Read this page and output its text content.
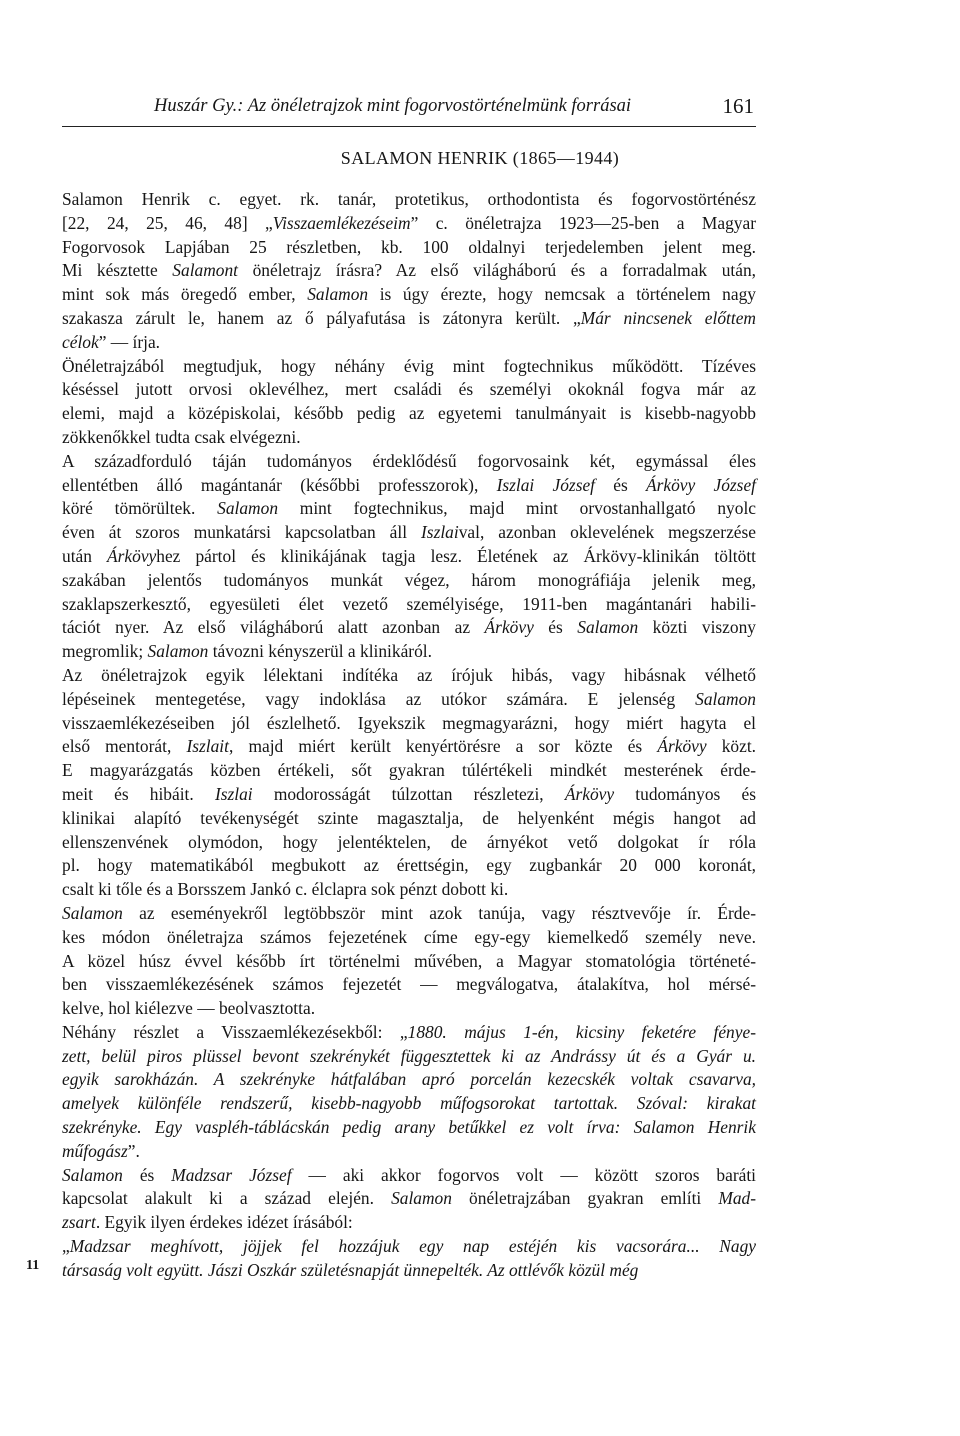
Huszár Gy.: Az önéletrajzok mint fogorvostörténelmünk forrásai	161
SALAMON HENRIK (1865—1944)

Salamon Henrik c. egyet. rk. tanár, protetikus, orthodontista és fogorvostörténész
[22, 24, 25, 46, 48] „Visszaemlékezéseim” c. önéletrajza 1923—25-ben a Magyar
Fogorvosok Lapjában 25 részletben, kb. 100 oldalnyi terjedelemben jelent meg.
Mi késztette Salamont önéletrajz írásra? Az első világháború és a forradalmak után,
mint sok más öregedő ember, Salamon is úgy érezte, hogy nemcsak a történelem nagy
szakasza zárult le, hanem az ő pályafutása is zátonyra került. „Már nincsenek előttem
célok” — írja.

Önéletrajzából megtudjuk, hogy néhány évig mint fogtechnikus működött. Tízéves
késéssel jutott orvosi oklevélhez, mert családi és személyi okoknál fogva már az
elemi, majd a középiskolai, később pedig az egyetemi tanulmányait is kisebb-nagyobb
zökkenőkkel tudta csak elvégezni.

A századforduló táján tudományos érdeklődésű fogorvosaink két, egymással éles
ellentétben álló magántanár (későbbi professzorok), Iszlai József és Árkövy József
köré tömörültek. Salamon mint fogtechnikus, majd mint orvostanhallgató nyolc
éven át szoros munkatársi kapcsolatban áll Iszlaival, azonban oklevelének megszerzése
után Árkövyhez pártol és klinikájának tagja lesz. Életének az Árkövy-klinikán töltött
szakában jelentős tudományos munkát végez, három monográfiája jelenik meg,
szaklapszerkesztő, egyesületi élet vezető személyisége, 1911-ben magántanári habili-
tációt nyer. Az első világháború alatt azonban az Árkövy és Salamon közti viszony
megromlik; Salamon távozni kényszerül a klinikáról.

Az önéletrajzok egyik lélektani indítéka az írójuk hibás, vagy hibásnak vélhető
lépéseinek mentegetése, vagy indoklása az utókor számára. E jelenség Salamon
visszaemlékezéseiben jól észlelhető. Igyekszik megmagyarázni, hogy miért hagyta el
első mentorát, Iszlait, majd miért került kenyértörésre a sor közte és Árkövy közt.
E magyarázgatás közben értékeli, sőt gyakran túlértékeli mindkét mesterének érde-
meit és hibáit. Iszlai modorosságát túlzottan részletezi, Árkövy tudományos és
klinikai alapító tevékenységét szinte magasztalja, de helyenként mégis hangot ad
ellenszenvének olymódon, hogy jelentéktelen, de árnyékot vető dolgokat ír róla
pl. hogy matematikából megbukott az érettségin, egy zugbankár 20 000 koronát,
csalt ki tőle és a Borsszem Jankó c. élclapra sok pénzt dobott ki.

Salamon az eseményekről legtöbbször mint azok tanúja, vagy résztvevője ír. Érde-
kes módon önéletrajza számos fejezetének címe egy-egy kiemelkedő személy neve.
A közel húsz évvel később írt történelmi művében, a Magyar stomatológia történeté-
ben visszaemlékezésének számos fejezetét — megválogatva, átalakítva, hol mérsé-
kelve, hol kiélezve — beolvasztotta.

Néhány részlet a Visszaemlékezésekből: „1880. május 1-én, kicsiny feketére fénye-
zett, belül piros plüssel bevont szekrénykét függesztettek ki az Andrássy út és a Gyár u.
egyik sarokházán. A szekrényke hátfalában apró porcelán kezecskék voltak csavarva,
amelyek különféle rendszerű, kisebb-nagyobb műfogsorokat tartottak. Szóval: kirakat
szekrényke. Egy vaspléh-táblácskán pedig arany betűkkel ez volt írva: Salamon Henrik
műfogász”.

Salamon és Madzsar József — aki akkor fogorvos volt — között szoros baráti
kapcsolat alakult ki a század elején. Salamon önéletrajzában gyakran említi Mad-
zsart. Egyik ilyen érdekes idézet írásából:

„Madzsar meghívott, jöjjek fel hozzájuk egy nap estéjén kis vacsorára... Nagy
társaság volt együtt. Jászi Oszkár születésnapját ünnepelték. Az ottlévők közül még

11
